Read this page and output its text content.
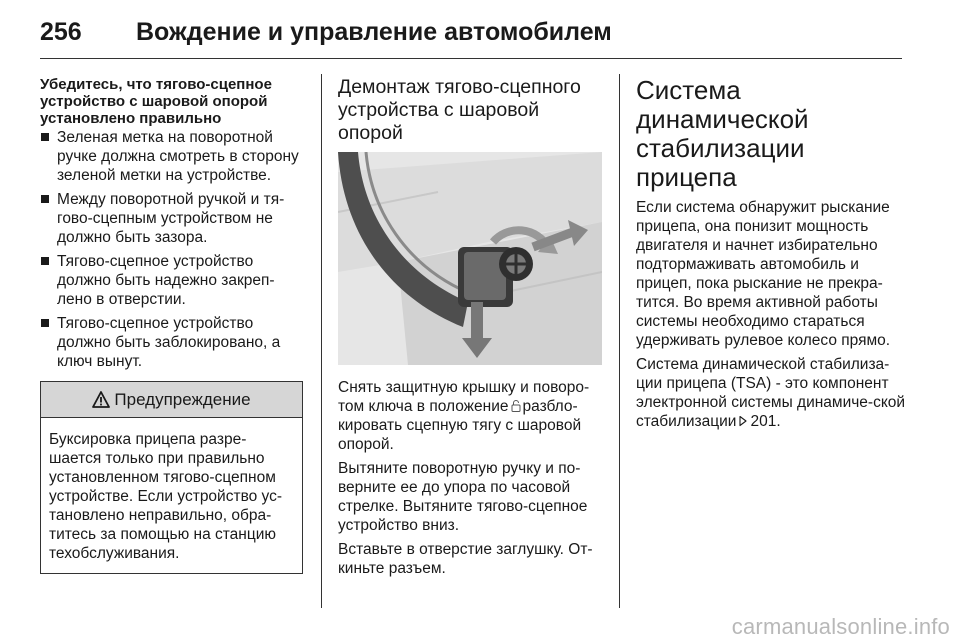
256 Вождение и управление автомобилем
Убедитесь, что тягово-сцепное устройство с шаровой опорой установлено правильно
Зеленая метка на поворотной ручке должна смотреть в сторону зеленой метки на устройстве.
Между поворотной ручкой и тя-гово-сцепным устройством не должно быть зазора.
Тягово-сцепное устройство должно быть надежно закреп-лено в отверстии.
Тягово-сцепное устройство должно быть заблокировано, а ключ вынут.
Предупреждение
Буксировка прицепа разре-шается только при правильно установленном тягово-сцепном устройстве. Если устройство ус-тановлено неправильно, обра-титесь за помощью на станцию техобслуживания.
Демонтаж тягово-сцепного устройства с шаровой опорой
Снять защитную крышку и поворо-том ключа в положение разбло-кировать сцепную тягу с шаровой опорой.
Вытяните поворотную ручку и по-верните ее до упора по часовой стрелке. Вытяните тягово-сцепное устройство вниз.
Вставьте в отверстие заглушку. От-киньте разъем.
Система динамической стабилизации прицепа
Если система обнаружит рыскание прицепа, она понизит мощность двигателя и начнет избирательно подтормаживать автомобиль и прицеп, пока рыскание не прекра-тится. Во время активной работы системы необходимо стараться удерживать рулевое колесо прямо.
Система динамической стабилиза-ции прицепа (TSA) - это компонент электронной системы динамиче-ской стабилизации 201.
carmanualsonline.info
